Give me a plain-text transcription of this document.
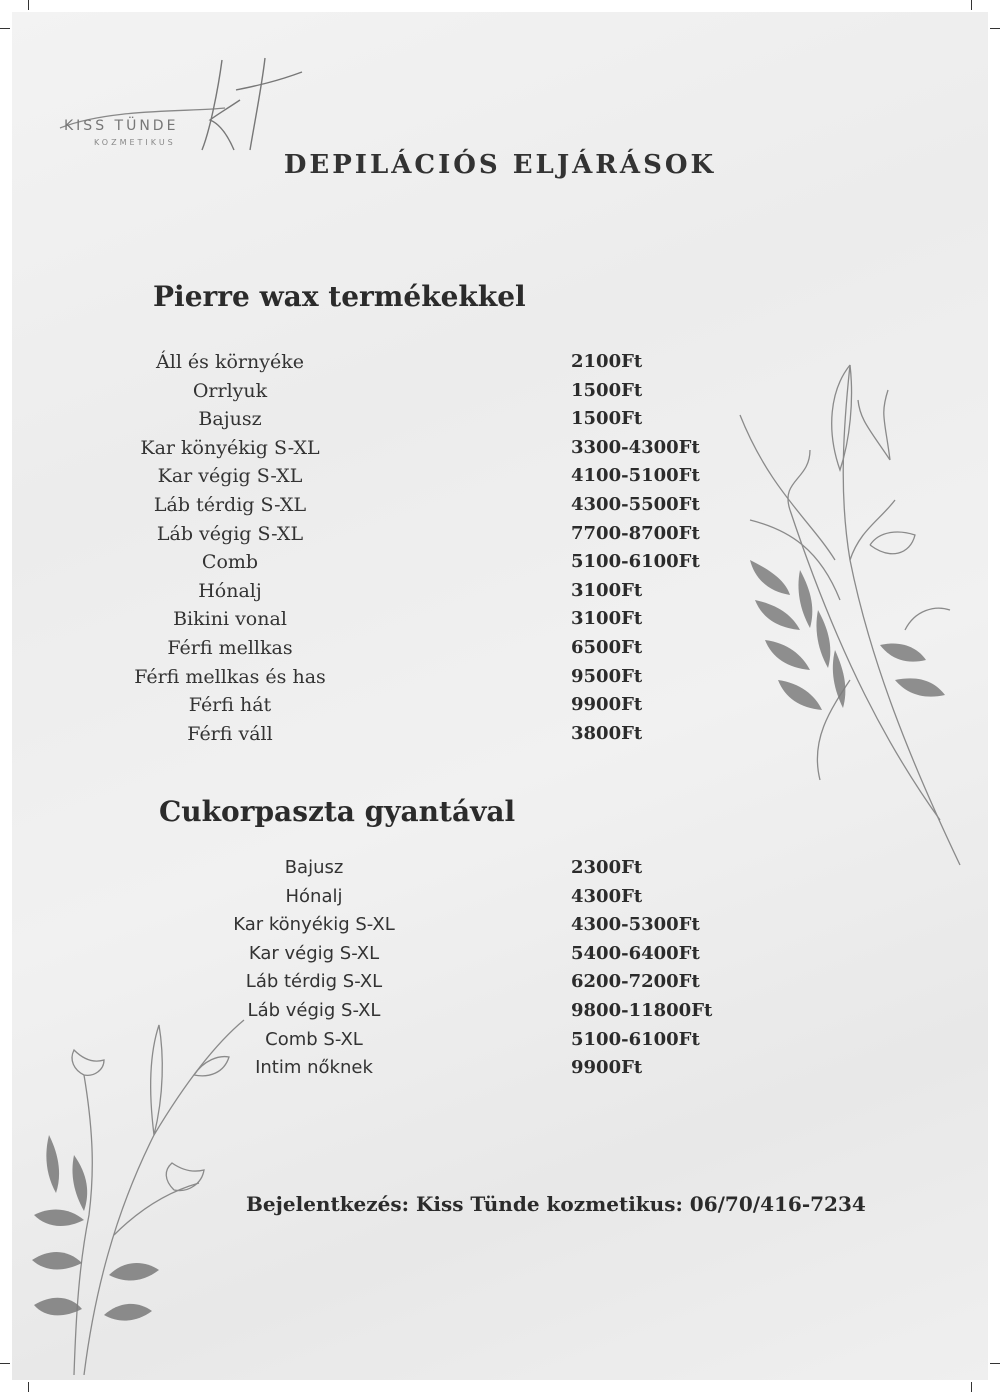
KISS TÜNDE
KOZMETIKUS
DEPILÁCIÓS ELJÁRÁSOK
Pierre wax termékekkel
Áll és környéke	2100Ft
Orrlyuk	1500Ft
Bajusz	1500Ft
Kar könyékig S-XL	3300-4300Ft
Kar végig S-XL	4100-5100Ft
Láb térdig S-XL	4300-5500Ft
Láb végig S-XL	7700-8700Ft
Comb	5100-6100Ft
Hónalj	3100Ft
Bikini vonal	3100Ft
Férfi mellkas	6500Ft
Férfi mellkas és has	9500Ft
Férfi hát	9900Ft
Férfi váll	3800Ft
Cukorpaszta gyantával
Bajusz	2300Ft
Hónalj	4300Ft
Kar könyékig S-XL	4300-5300Ft
Kar végig S-XL	5400-6400Ft
Láb térdig S-XL	6200-7200Ft
Láb végig S-XL	9800-11800Ft
Comb S-XL	5100-6100Ft
Intim nőknek	9900Ft
Bejelentkezés: Kiss Tünde kozmetikus: 06/70/416-7234
